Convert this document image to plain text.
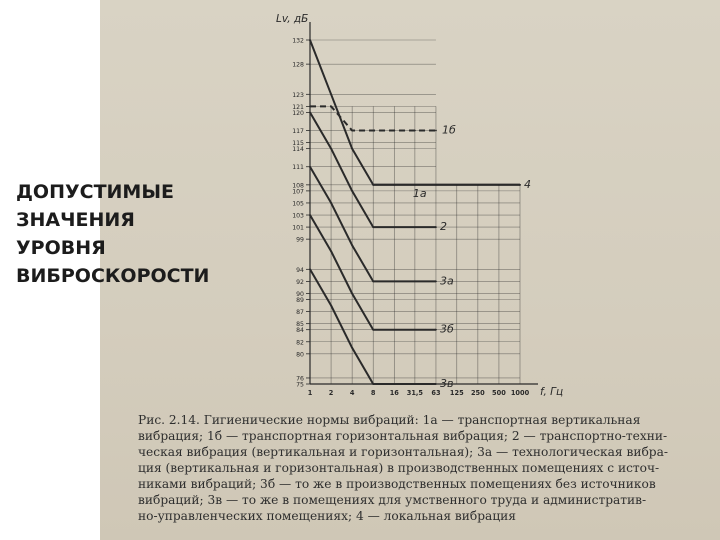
ДОПУСТИМЫЕ
ЗНАЧЕНИЯ
УРОВНЯ
ВИБРОСКОРОСТИ
75
76
80
82
84
85
87
89
90
92
94
99
101
103
105
107
108
111
114
115
117
120
121
123
128
132
1 2 4 8 16 31,5 63 125 250 500 1000
Lv, дБ
f, Гц
1а
1б
2
3а
3б
3в
4

Рис. 2.14. Гигиенические нормы вибраций: 1а — транспортная вертикальная
вибрация; 1б — транспортная горизонтальная вибрация; 2 — транспортно-техни-
ческая вибрация (вертикальная и горизонтальная); 3а — технологическая вибра-
ция (вертикальная и горизонтальная) в производственных помещениях с источ-
никами вибраций; 3б — то же в производственных помещениях без источников
вибраций; 3в — то же в помещениях для умственного труда и административ-
но-управленческих помещениях; 4 — локальная вибрация
